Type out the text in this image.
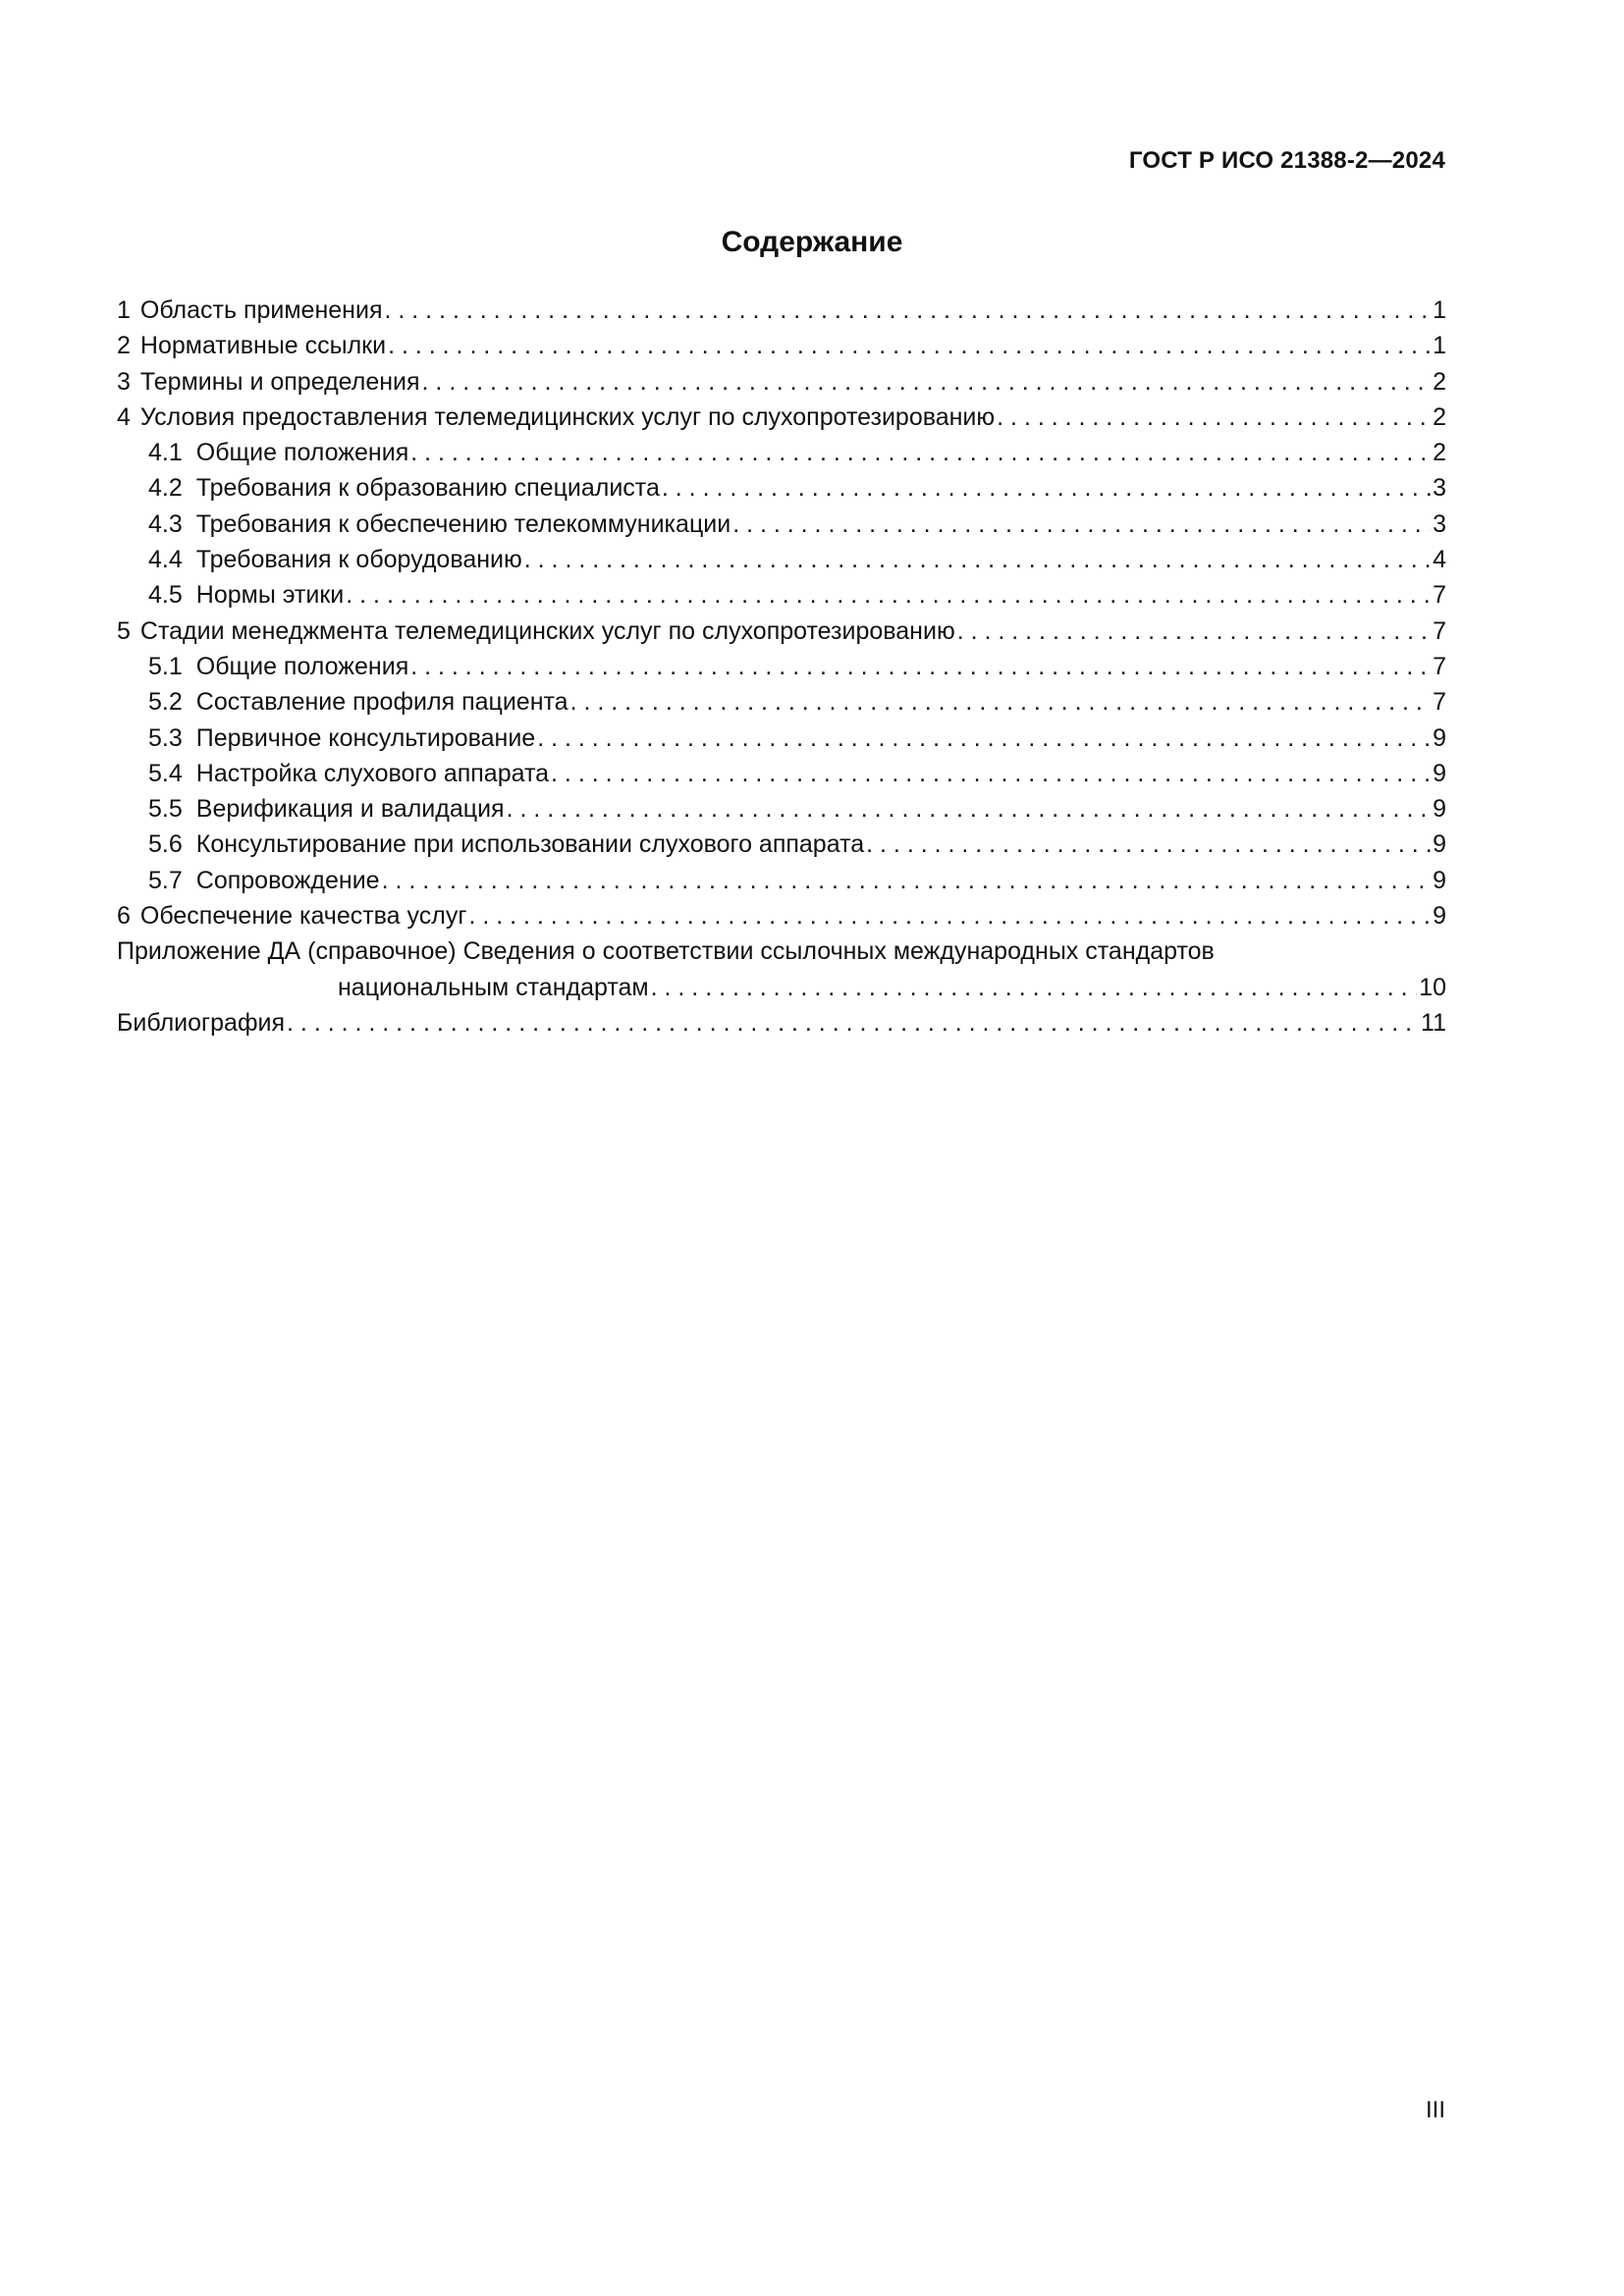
ГОСТ Р ИСО 21388-2—2024
Содержание
1 Область применения . . .	1
2 Нормативные ссылки . . .	1
3 Термины и определения . . .	2
4 Условия предоставления телемедицинских услуг по слухопротезированию . . .	2
4.1 Общие положения . . .	2
4.2 Требования к образованию специалиста . . .	3
4.3 Требования к обеспечению телекоммуникации . . .	3
4.4 Требования к оборудованию . . .	4
4.5 Нормы этики . . .	7
5 Стадии менеджмента телемедицинских услуг по слухопротезированию . . .	7
5.1 Общие положения . . .	7
5.2 Составление профиля пациента . . .	7
5.3 Первичное консультирование . . .	9
5.4 Настройка слухового аппарата . . .	9
5.5 Верификация и валидация . . .	9
5.6 Консультирование при использовании слухового аппарата . . .	9
5.7 Сопровождение . . .	9
6 Обеспечение качества услуг . . .	9
Приложение ДА (справочное) Сведения о соответствии ссылочных международных стандартов
национальным стандартам . . .	10
Библиография . . .	11
III
